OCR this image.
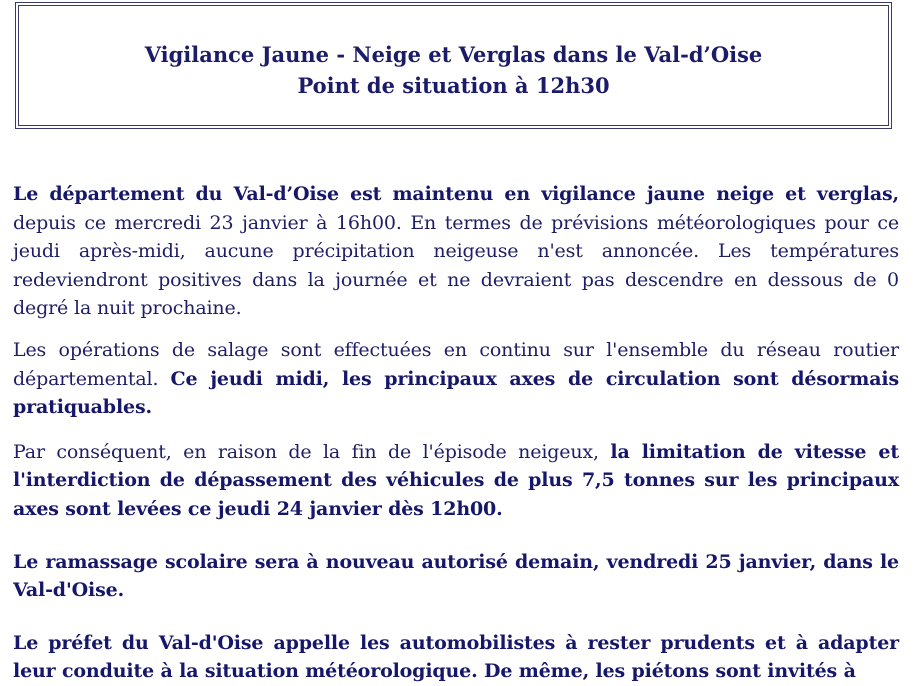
Vigilance Jaune - Neige et Verglas dans le Val-d’Oise
Point de situation à 12h30

Le département du Val-d’Oise est maintenu en vigilance jaune neige et verglas, depuis ce mercredi 23 janvier à 16h00. En termes de prévisions météorologiques pour ce jeudi après-midi, aucune précipitation neigeuse n'est annoncée. Les températures redeviendront positives dans la journée et ne devraient pas descendre en dessous de 0 degré la nuit prochaine.

Les opérations de salage sont effectuées en continu sur l'ensemble du réseau routier départemental. Ce jeudi midi, les principaux axes de circulation sont désormais pratiquables.

Par conséquent, en raison de la fin de l'épisode neigeux, la limitation de vitesse et l'interdiction de dépassement des véhicules de plus 7,5 tonnes sur les principaux axes sont levées ce jeudi 24 janvier dès 12h00.

Le ramassage scolaire sera à nouveau autorisé demain, vendredi 25 janvier, dans le Val-d'Oise.

Le préfet du Val-d'Oise appelle les automobilistes à rester prudents et à adapter leur conduite à la situation météorologique. De même, les piétons sont invités à
